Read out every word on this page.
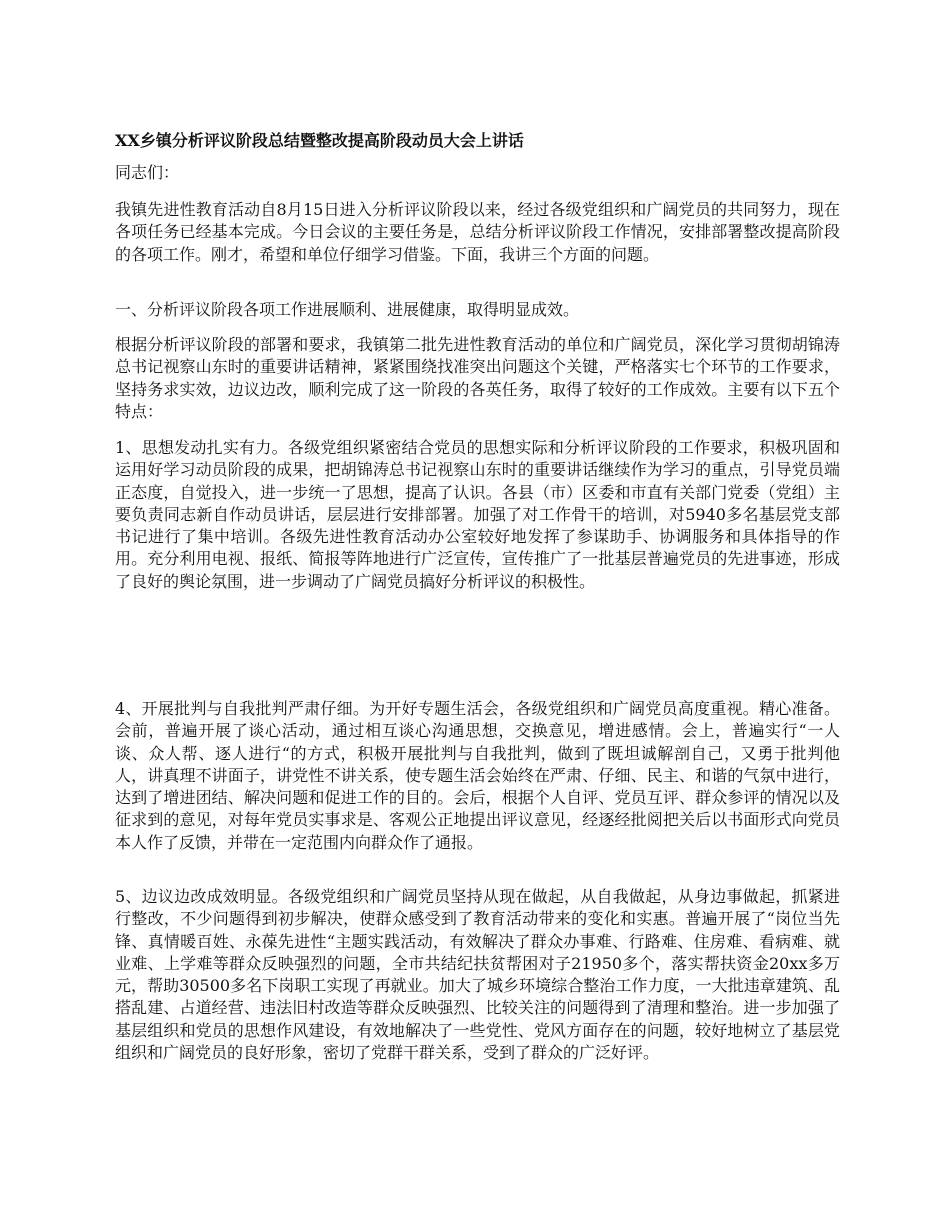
XX乡镇分析评议阶段总结暨整改提高阶段动员大会上讲话

同志们：

我镇先进性教育活动自8月15日进入分析评议阶段以来，经过各级党组织和广阔党员的共同努力，现在各项任务已经基本完成。今日会议的主要任务是，总结分析评议阶段工作情况，安排部署整改提高阶段的各项工作。刚才，希望和单位仔细学习借鉴。下面，我讲三个方面的问题。

一、分析评议阶段各项工作进展顺利、进展健康，取得明显成效。

根据分析评议阶段的部署和要求，我镇第二批先进性教育活动的单位和广阔党员，深化学习贯彻胡锦涛总书记视察山东时的重要讲话精神，紧紧围绕找准突出问题这个关键，严格落实七个环节的工作要求，坚持务求实效，边议边改，顺利完成了这一阶段的各英任务，取得了较好的工作成效。主要有以下五个特点：

1、思想发动扎实有力。各级党组织紧密结合党员的思想实际和分析评议阶段的工作要求，积极巩固和运用好学习动员阶段的成果，把胡锦涛总书记视察山东时的重要讲话继续作为学习的重点，引导党员端正态度，自觉投入，进一步统一了思想，提高了认识。各县（市）区委和市直有关部门党委（党组）主要负责同志新自作动员讲话，层层进行安排部署。加强了对工作骨干的培训，对5940多名基层党支部书记进行了集中培训。各级先进性教育活动办公室较好地发挥了参谋助手、协调服务和具体指导的作用。充分利用电视、报纸、简报等阵地进行广泛宣传，宣传推广了一批基层普遍党员的先进事迹，形成了良好的舆论氛围，进一步调动了广阔党员搞好分析评议的积极性。

4、开展批判与自我批判严肃仔细。为开好专题生活会，各级党组织和广阔党员高度重视。精心准备。会前，普遍开展了谈心活动，通过相互谈心沟通思想，交换意见，增进感情。会上，普遍实行“一人谈、众人帮、逐人进行“的方式，积极开展批判与自我批判，做到了既坦诚解剖自己，又勇于批判他人，讲真理不讲面子，讲党性不讲关系，使专题生活会始终在严肃、仔细、民主、和谐的气氛中进行，达到了增进团结、解决问题和促进工作的目的。会后，根据个人自评、党员互评、群众参评的情况以及征求到的意见，对每年党员实事求是、客观公正地提出评议意见，经逐经批阅把关后以书面形式向党员本人作了反馈，并带在一定范围内向群众作了通报。

5、边议边改成效明显。各级党组织和广阔党员坚持从现在做起，从自我做起，从身边事做起，抓紧进行整改，不少问题得到初步解决，使群众感受到了教育活动带来的变化和实惠。普遍开展了“岗位当先锋、真情暖百姓、永葆先进性“主题实践活动，有效解决了群众办事难、行路难、住房难、看病难、就业难、上学难等群众反映强烈的问题，全市共结纪扶贫帮困对子21950多个，落实帮扶资金20xx多万元，帮助30500多名下岗职工实现了再就业。加大了城乡环境综合整治工作力度，一大批违章建筑、乱搭乱建、占道经营、违法旧村改造等群众反映强烈、比较关注的问题得到了清理和整治。进一步加强了基层组织和党员的思想作风建设，有效地解决了一些党性、党风方面存在的问题，较好地树立了基层党组织和广阔党员的良好形象，密切了党群干群关系，受到了群众的广泛好评。
